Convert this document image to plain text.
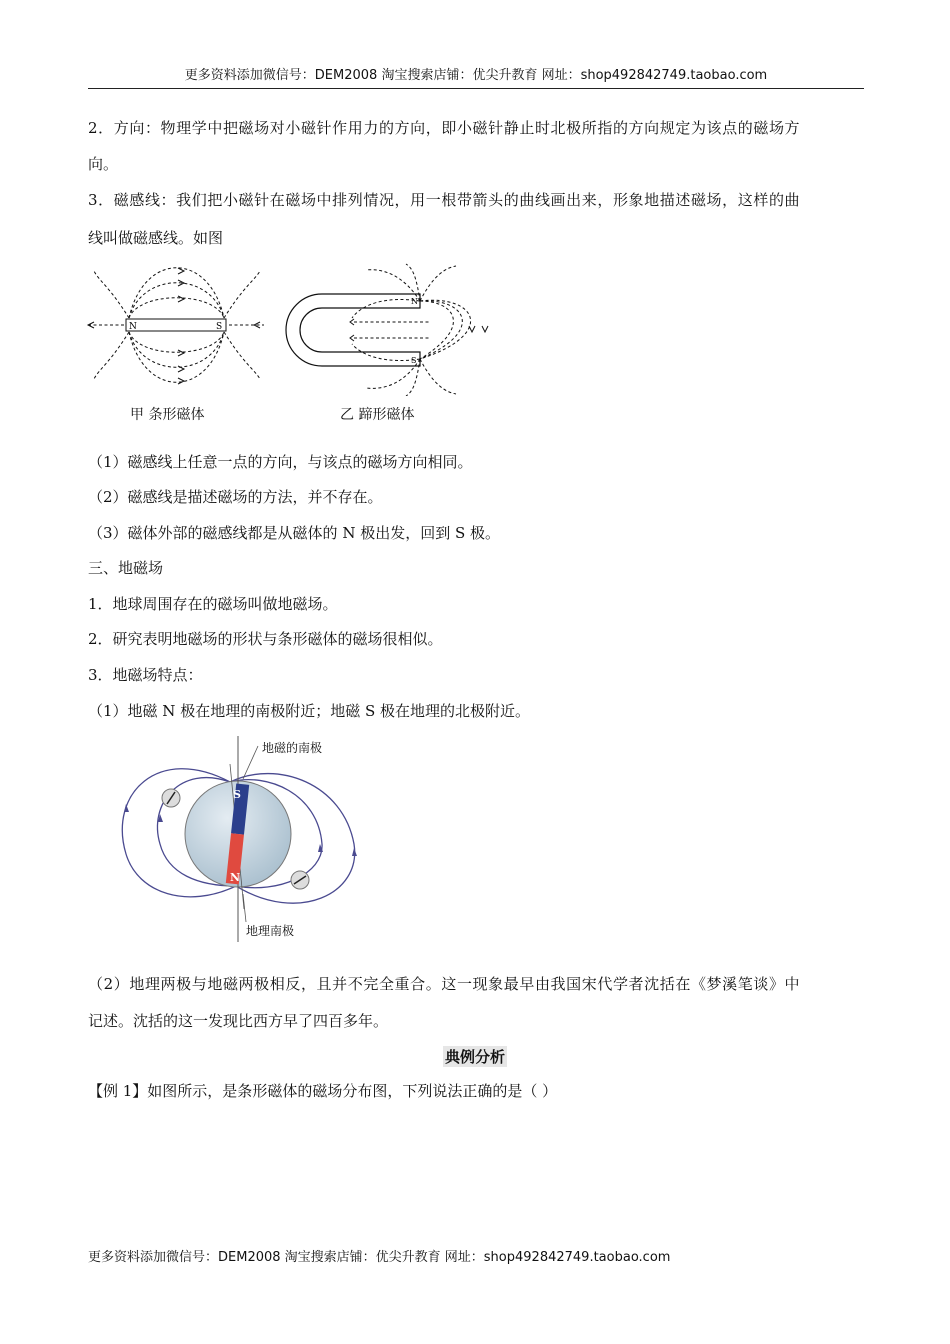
更多资料添加微信号：DEM2008 淘宝搜索店铺：优尖升教育 网址：shop492842749.taobao.com
2．方向：物理学中把磁场对小磁针作用力的方向，即小磁针静止时北极所指的方向规定为该点的磁场方
向。
3．磁感线：我们把小磁针在磁场中排列情况，用一根带箭头的曲线画出来，形象地描述磁场，这样的曲
线叫做磁感线。如图
N	S
N
S
甲 条形磁体	乙 蹄形磁体
（1）磁感线上任意一点的方向，与该点的磁场方向相同。
（2）磁感线是描述磁场的方法，并不存在。
（3）磁体外部的磁感线都是从磁体的 N 极出发，回到 S 极。
三、地磁场
1．地球周围存在的磁场叫做地磁场。
2．研究表明地磁场的形状与条形磁体的磁场很相似。
3．地磁场特点：
（1）地磁 N 极在地理的南极附近；地磁 S 极在地理的北极附近。
S
N
地磁的南极
地理南极
（2）地理两极与地磁两极相反，且并不完全重合。这一现象最早由我国宋代学者沈括在《梦溪笔谈》中
记述。沈括的这一发现比西方早了四百多年。
典例分析
【例 1】如图所示，是条形磁体的磁场分布图，下列说法正确的是（ ）
更多资料添加微信号：DEM2008 淘宝搜索店铺：优尖升教育 网址：shop492842749.taobao.com
